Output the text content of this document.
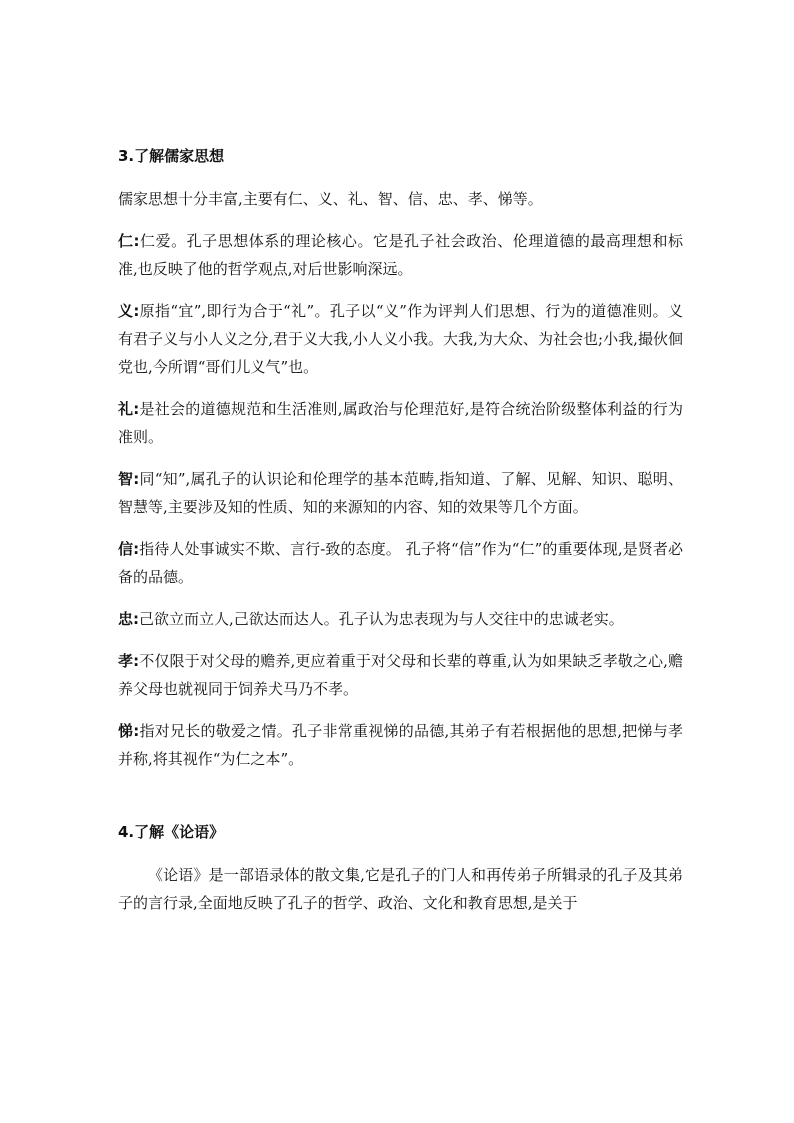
3.了解儒家思想

儒家思想十分丰富,主要有仁、义、礼、智、信、忠、孝、悌等。

仁:仁爱。孔子思想体系的理论核心。它是孔子社会政治、伦理道德的最高理想和标准,也反映了他的哲学观点,对后世影响深远。

义:原指“宜”,即行为合于“礼”。孔子以“义”作为评判人们思想、行为的道德准则。义有君子义与小人义之分,君于义大我,小人义小我。大我,为大众、为社会也;小我,撮伙佪党也,今所谓“哥们儿义气”也。

礼:是社会的道德规范和生活准则,属政治与伦理范好,是符合统治阶级整体利益的行为准则。

智:同“知”,属孔子的认识论和伦理学的基本范畴,指知道、了解、见解、知识、聪明、智慧等,主要涉及知的性质、知的来源知的内容、知的效果等几个方面。

信:指待人处事诚实不欺、言行-致的态度。 孔子将“信”作为“仁”的重要体现,是贤者必备的品德。

忠:己欲立而立人,己欲达而达人。孔子认为忠表现为与人交往中的忠诚老实。

孝:不仅限于对父母的赡养,更应着重于对父母和长辈的尊重,认为如果缺乏孝敬之心,赡养父母也就视同于饲养犬马乃不孝。

悌:指对兄长的敬爱之情。孔子非常重视悌的品德,其弟子有若根据他的思想,把悌与孝并称,将其视作“为仁之本”。

4.了解《论语》

《论语》是一部语录体的散文集,它是孔子的门人和再传弟子所辑录的孔子及其弟子的言行录,全面地反映了孔子的哲学、政治、文化和教育思想,是关于
